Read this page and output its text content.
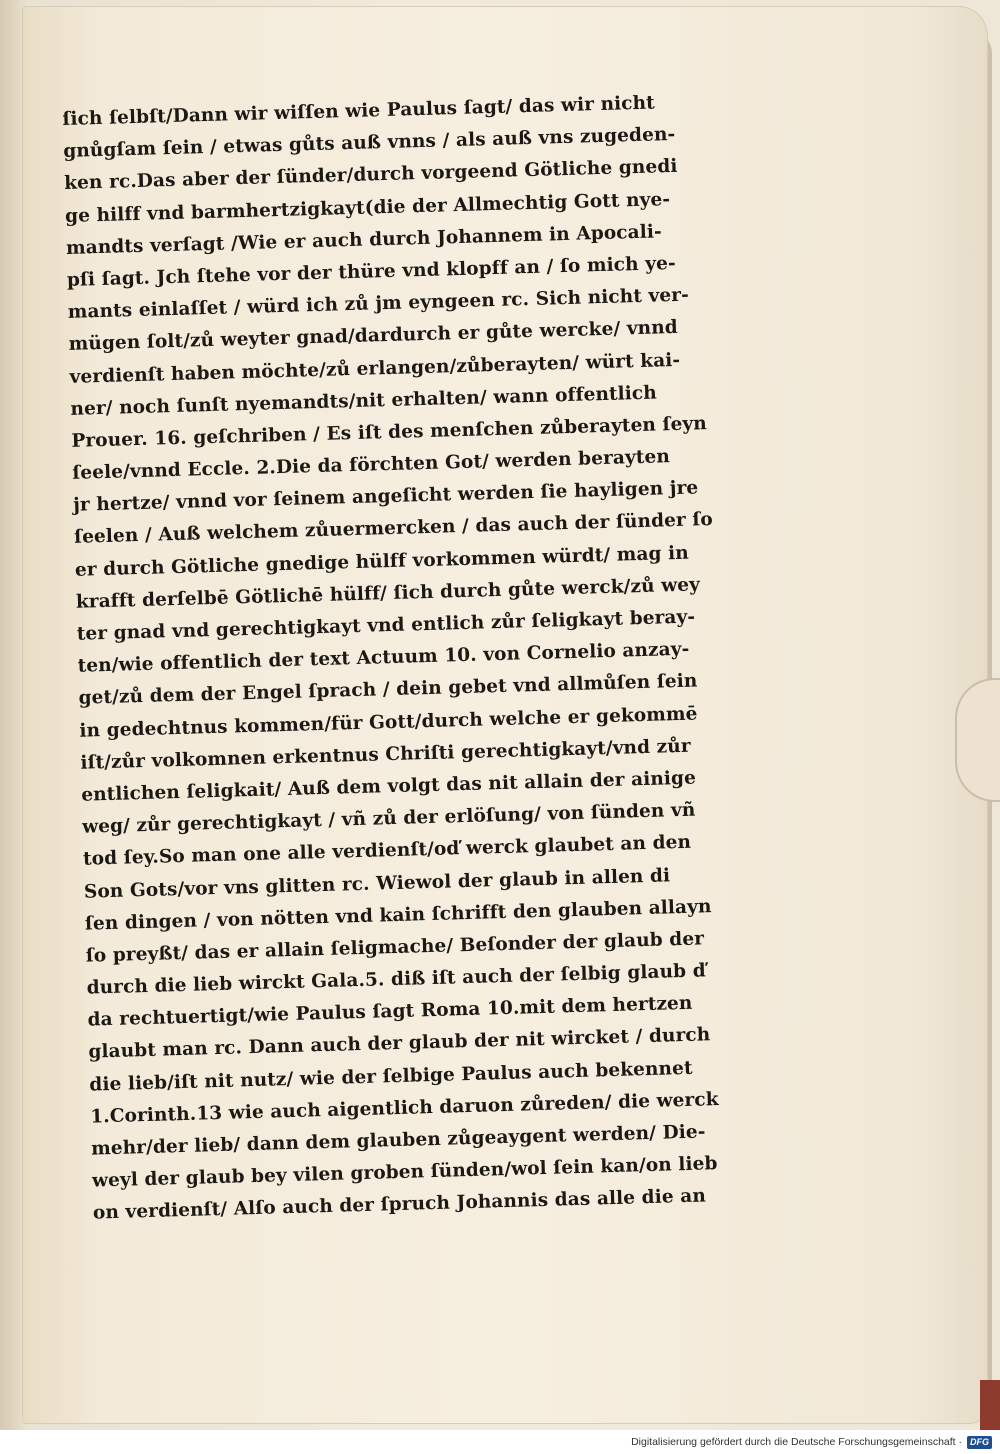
ſich ſelbſt/Dann wir wiſſen wie Paulus ſagt/ das wir nicht
gnůgſam ſein / etwas gůts auß vnns / als auß vns zugeden-
ken rc.Das aber der ſünder/durch vorgeend Götliche gnedi
ge hilff vnd barmhertzigkayt(die der Allmechtig Gott nye-
mandts verſagt /Wie er auch durch Johannem in Apocali-
pſi ſagt. Jch ſtehe vor der thüre vnd klopff an / ſo mich ye-
mants einlaſſet / würd ich zů jm eyngeen rc. Sich nicht ver-
mügen ſolt/zů weyter gnad/dardurch er gůte wercke/ vnnd
verdienſt haben möchte/zů erlangen/zůberayten/ würt kai-
ner/ noch ſunſt nyemandts/nit erhalten/ wann offentlich
Prouer. 16. geſchriben / Es iſt des menſchen zůberayten ſeyn
ſeele/vnnd Eccle. 2.Die da förchten Got/ werden berayten
jr hertze/ vnnd vor ſeinem angeſicht werden ſie hayligen jre
ſeelen / Auß welchem zůuermercken / das auch der ſünder ſo
er durch Götliche gnedige hülff vorkommen würdt/ mag in
krafft derſelbē Götlichē hülff/ ſich durch gůte werck/zů wey
ter gnad vnd gerechtigkayt vnd entlich zůr ſeligkayt beray-
ten/wie offentlich der text Actuum 10. von Cornelio anzay-
get/zů dem der Engel ſprach / dein gebet vnd allmůſen ſein
in gedechtnus kommen/für Gott/durch welche er gekommē
iſt/zůr volkomnen erkentnus Chriſti gerechtigkayt/vnd zůr
entlichen ſeligkait/ Auß dem volgt das nit allain der ainige
weg/ zůr gerechtigkayt / vñ zů der erlöſung/ von ſünden vñ
tod ſey.So man one alle verdienſt/oď werck glaubet an den
Son Gots/vor vns glitten rc. Wiewol der glaub in allen di
ſen dingen / von nötten vnd kain ſchrifft den glauben allayn
ſo preyßt/ das er allain ſeligmache/ Beſonder der glaub der
durch die lieb wirckt Gala.5. diß iſt auch der ſelbig glaub ď
da rechtuertigt/wie Paulus ſagt Roma 10.mit dem hertzen
glaubt man rc. Dann auch der glaub der nit wircket / durch
die lieb/iſt nit nutz/ wie der ſelbige Paulus auch bekennet
1.Corinth.13 wie auch aigentlich daruon zůreden/ die werck
mehr/der lieb/ dann dem glauben zůgeaygent werden/ Die-
weyl der glaub bey vilen groben ſünden/wol ſein kan/on lieb
on verdienſt/ Alſo auch der ſpruch Johannis das alle die an
Digitalisierung gefördert durch die Deutsche Forschungsgemeinschaft · DFG
